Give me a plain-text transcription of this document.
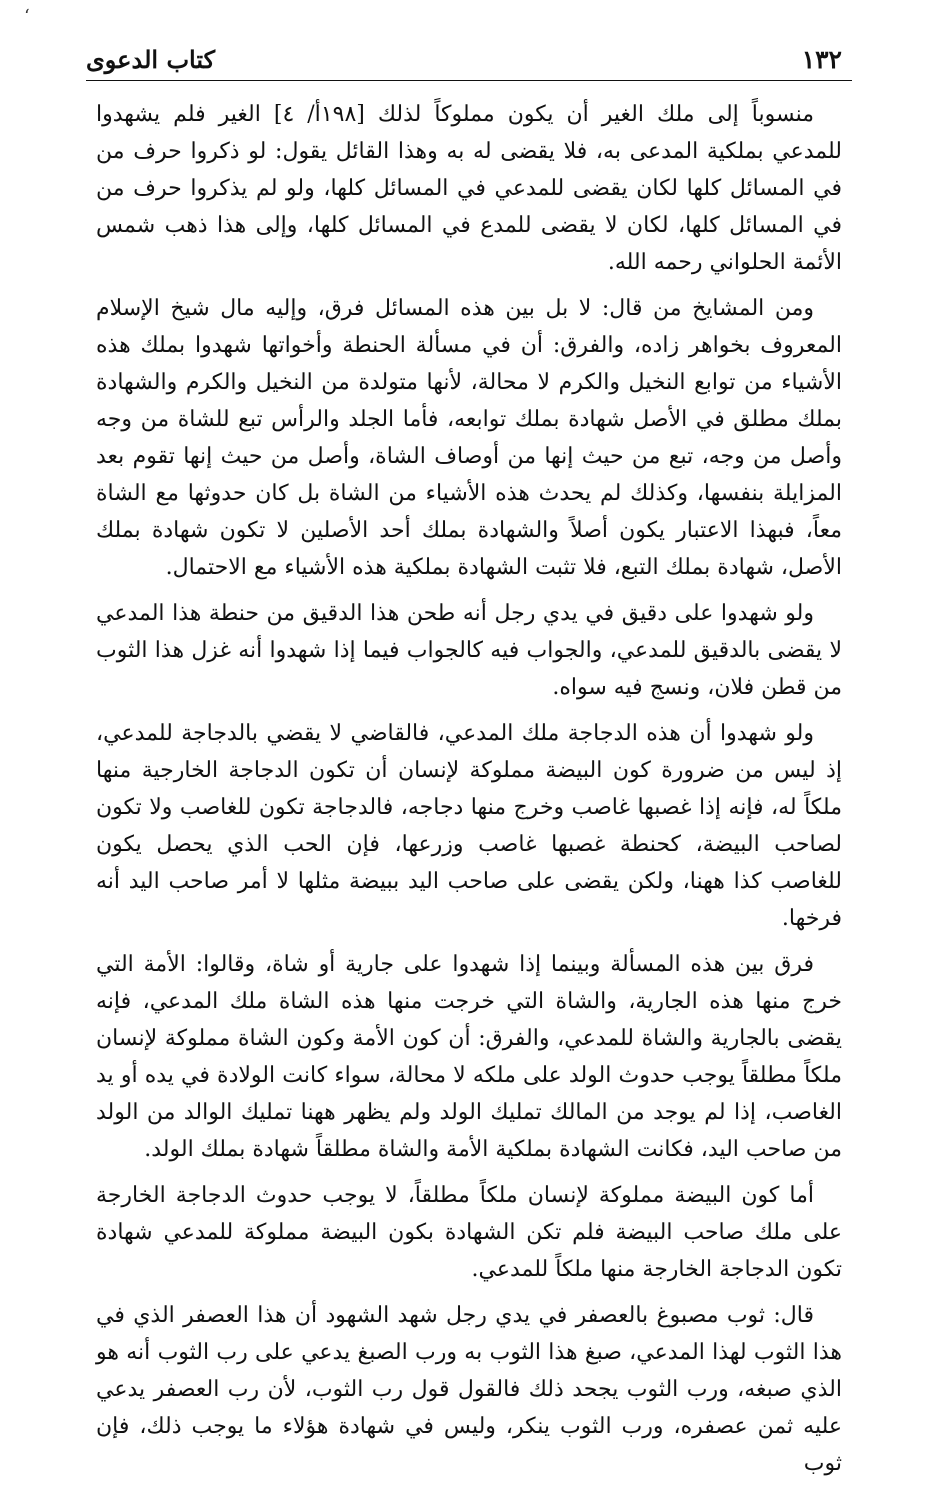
ʻ
١٣٢
كتاب الدعوى

منسوباً إلى ملك الغير أن يكون مملوكاً لذلك [١٩٨أ/ ٤] الغير فلم يشهدوا للمدعي بملكية المدعى به، فلا يقضى له به وهذا القائل يقول: لو ذكروا حرف من في المسائل كلها لكان يقضى للمدعي في المسائل كلها، ولو لم يذكروا حرف من في المسائل كلها، لكان لا يقضى للمدع في المسائل كلها، وإلى هذا ذهب شمس الأئمة الحلواني رحمه الله.

ومن المشايخ من قال: لا بل بين هذه المسائل فرق، وإليه مال شيخ الإسلام المعروف بخواهر زاده، والفرق: أن في مسألة الحنطة وأخواتها شهدوا بملك هذه الأشياء من توابع النخيل والكرم لا محالة، لأنها متولدة من النخيل والكرم والشهادة بملك مطلق في الأصل شهادة بملك توابعه، فأما الجلد والرأس تبع للشاة من وجه وأصل من وجه، تبع من حيث إنها من أوصاف الشاة، وأصل من حيث إنها تقوم بعد المزايلة بنفسها، وكذلك لم يحدث هذه الأشياء من الشاة بل كان حدوثها مع الشاة معاً، فبهذا الاعتبار يكون أصلاً والشهادة بملك أحد الأصلين لا تكون شهادة بملك الأصل، شهادة بملك التبع، فلا تثبت الشهادة بملكية هذه الأشياء مع الاحتمال.

ولو شهدوا على دقيق في يدي رجل أنه طحن هذا الدقيق من حنطة هذا المدعي لا يقضى بالدقيق للمدعي، والجواب فيه كالجواب فيما إذا شهدوا أنه غزل هذا الثوب من قطن فلان، ونسج فيه سواه.

ولو شهدوا أن هذه الدجاجة ملك المدعي، فالقاضي لا يقضي بالدجاجة للمدعي، إذ ليس من ضرورة كون البيضة مملوكة لإنسان أن تكون الدجاجة الخارجية منها ملكاً له، فإنه إذا غصبها غاصب وخرج منها دجاجه، فالدجاجة تكون للغاصب ولا تكون لصاحب البيضة، كحنطة غصبها غاصب وزرعها، فإن الحب الذي يحصل يكون للغاصب كذا ههنا، ولكن يقضى على صاحب اليد ببيضة مثلها لا أمر صاحب اليد أنه فرخها.

فرق بين هذه المسألة وبينما إذا شهدوا على جارية أو شاة، وقالوا: الأمة التي خرج منها هذه الجارية، والشاة التي خرجت منها هذه الشاة ملك المدعي، فإنه يقضى بالجارية والشاة للمدعي، والفرق: أن كون الأمة وكون الشاة مملوكة لإنسان ملكاً مطلقاً يوجب حدوث الولد على ملكه لا محالة، سواء كانت الولادة في يده أو يد الغاصب، إذا لم يوجد من المالك تمليك الولد ولم يظهر ههنا تمليك الوالد من الولد من صاحب اليد، فكانت الشهادة بملكية الأمة والشاة مطلقاً شهادة بملك الولد.

أما كون البيضة مملوكة لإنسان ملكاً مطلقاً، لا يوجب حدوث الدجاجة الخارجة على ملك صاحب البيضة فلم تكن الشهادة بكون البيضة مملوكة للمدعي شهادة تكون الدجاجة الخارجة منها ملكاً للمدعي.

قال: ثوب مصبوغ بالعصفر في يدي رجل شهد الشهود أن هذا العصفر الذي في هذا الثوب لهذا المدعي، صبغ هذا الثوب به ورب الصبغ يدعي على رب الثوب أنه هو الذي صبغه، ورب الثوب يجحد ذلك فالقول قول رب الثوب، لأن رب العصفر يدعي عليه ثمن عصفره، ورب الثوب ينكر، وليس في شهادة هؤلاء ما يوجب ذلك، فإن ثوب
